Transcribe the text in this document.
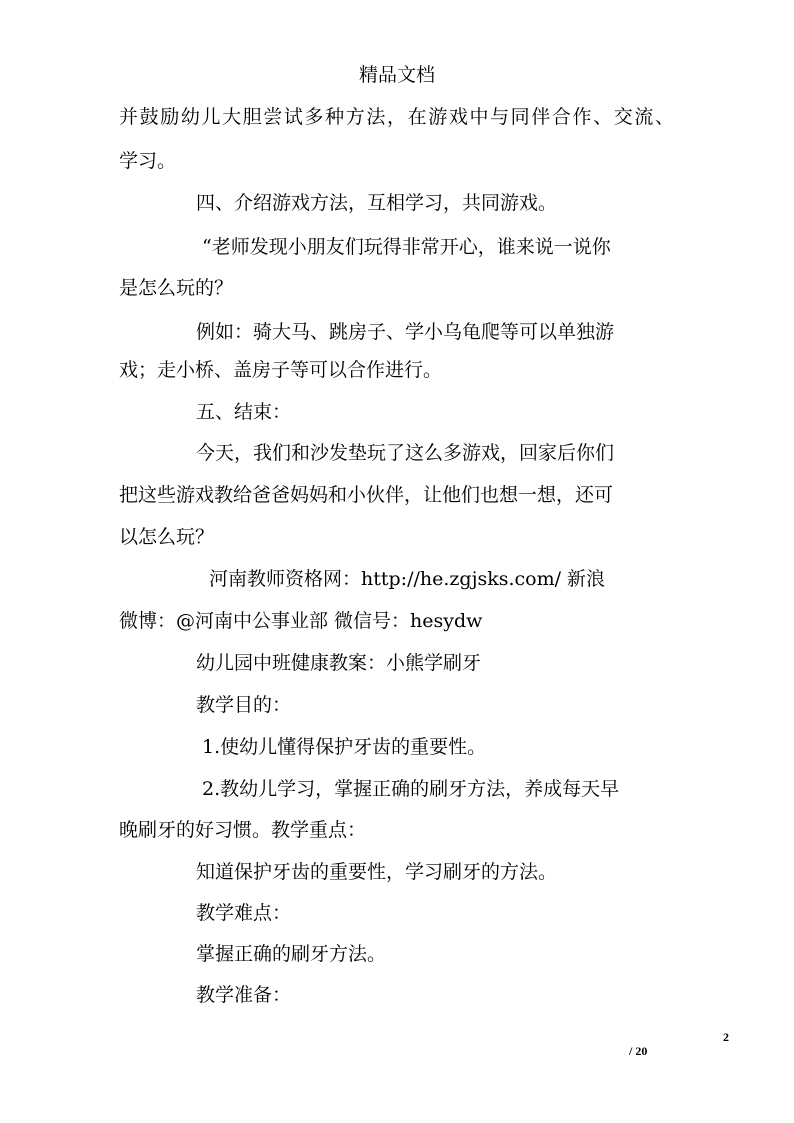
精品文档
并鼓励幼儿大胆尝试多种方法，在游戏中与同伴合作、交流、
学习。
四、介绍游戏方法，互相学习，共同游戏。
“老师发现小朋友们玩得非常开心，谁来说一说你
是怎么玩的？
例如：骑大马、跳房子、学小乌龟爬等可以单独游
戏；走小桥、盖房子等可以合作进行。
五、结束：
今天，我们和沙发垫玩了这么多游戏，回家后你们
把这些游戏教给爸爸妈妈和小伙伴，让他们也想一想，还可
以怎么玩？
河南教师资格网：http://he.zgjsks.com/ 新浪
微博：@河南中公事业部 微信号：hesydw
幼儿园中班健康教案：小熊学刷牙
教学目的：
1.使幼儿懂得保护牙齿的重要性。
2.教幼儿学习，掌握正确的刷牙方法，养成每天早
晚刷牙的好习惯。教学重点：
知道保护牙齿的重要性，学习刷牙的方法。
教学难点：
掌握正确的刷牙方法。
教学准备：
2
/ 20
